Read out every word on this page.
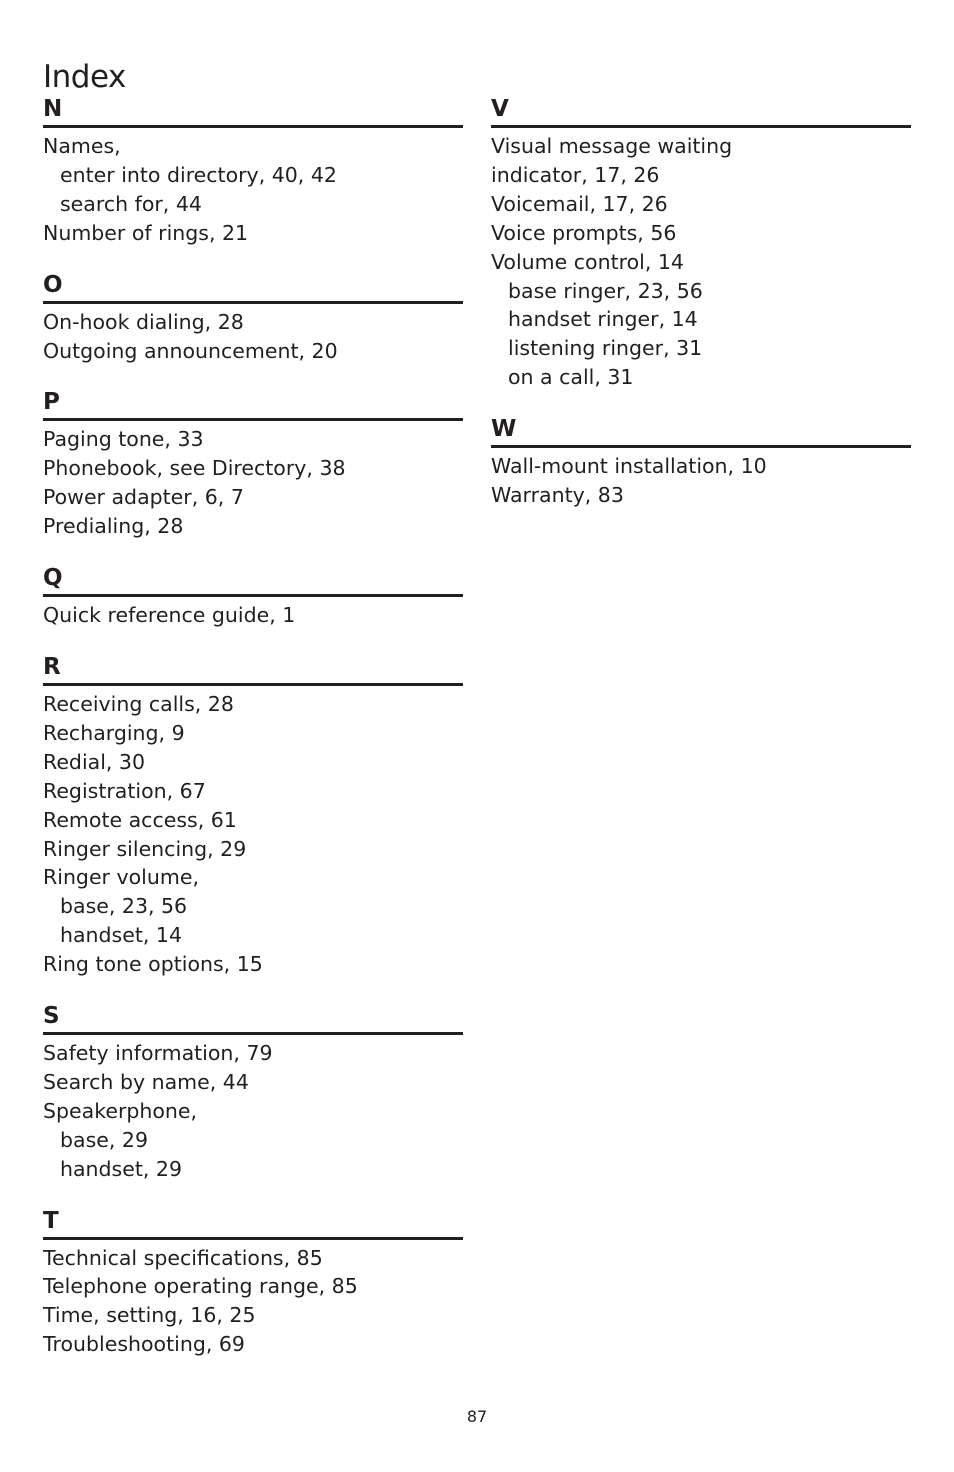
Index
N
Names,
enter into directory, 40, 42
search for, 44
Number of rings, 21
O
On-hook dialing, 28
Outgoing announcement, 20
P
Paging tone, 33
Phonebook, see Directory, 38
Power adapter, 6, 7
Predialing, 28
Q
Quick reference guide, 1
R
Receiving calls, 28
Recharging, 9
Redial, 30
Registration, 67
Remote access, 61
Ringer silencing, 29
Ringer volume,
base, 23, 56
handset, 14
Ring tone options, 15
S
Safety information, 79
Search by name, 44
Speakerphone,
base, 29
handset, 29
T
Technical specifications, 85
Telephone operating range, 85
Time, setting, 16, 25
Troubleshooting, 69
V
Visual message waiting
indicator, 17, 26
Voicemail, 17, 26
Voice prompts, 56
Volume control, 14
base ringer, 23, 56
handset ringer, 14
listening ringer, 31
on a call, 31
W
Wall-mount installation, 10
Warranty, 83
87
